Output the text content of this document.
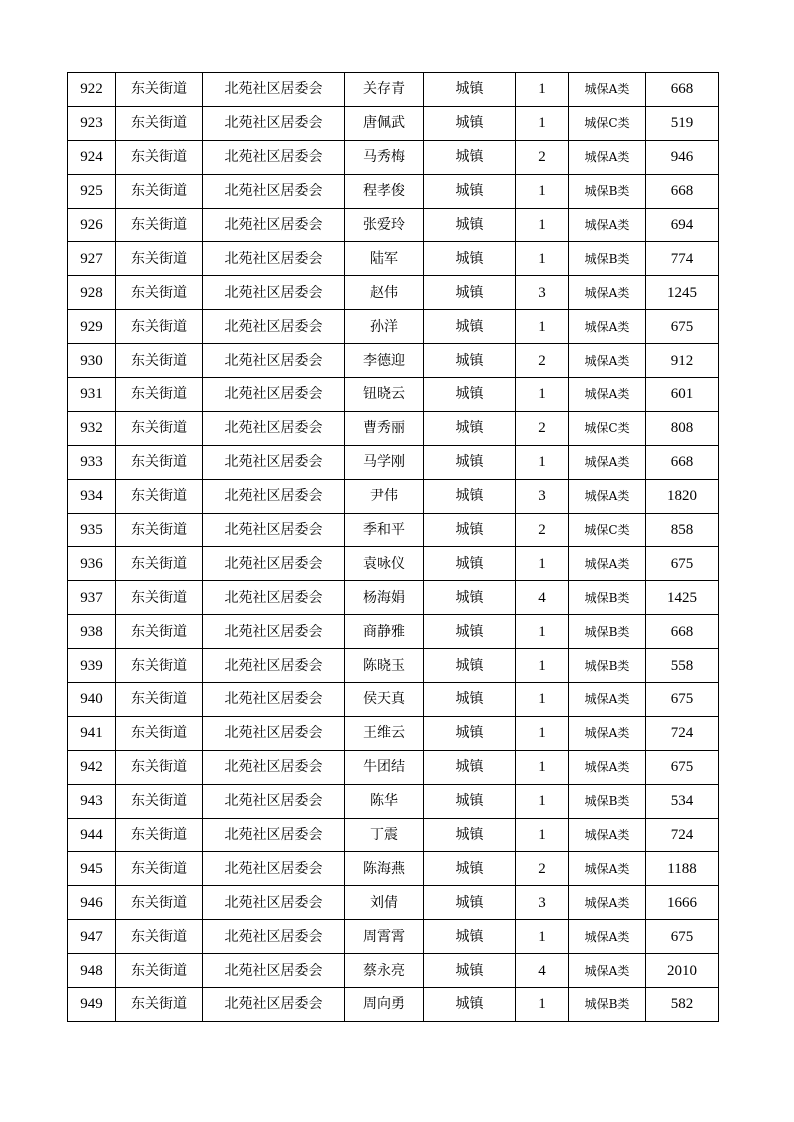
922	东关街道	北苑社区居委会	关存青	城镇	1	城保A类	668
923	东关街道	北苑社区居委会	唐佩武	城镇	1	城保C类	519
924	东关街道	北苑社区居委会	马秀梅	城镇	2	城保A类	946
925	东关街道	北苑社区居委会	程孝俊	城镇	1	城保B类	668
926	东关街道	北苑社区居委会	张爱玲	城镇	1	城保A类	694
927	东关街道	北苑社区居委会	陆军	城镇	1	城保B类	774
928	东关街道	北苑社区居委会	赵伟	城镇	3	城保A类	1245
929	东关街道	北苑社区居委会	孙洋	城镇	1	城保A类	675
930	东关街道	北苑社区居委会	李德迎	城镇	2	城保A类	912
931	东关街道	北苑社区居委会	钮晓云	城镇	1	城保A类	601
932	东关街道	北苑社区居委会	曹秀丽	城镇	2	城保C类	808
933	东关街道	北苑社区居委会	马学刚	城镇	1	城保A类	668
934	东关街道	北苑社区居委会	尹伟	城镇	3	城保A类	1820
935	东关街道	北苑社区居委会	季和平	城镇	2	城保C类	858
936	东关街道	北苑社区居委会	袁咏仪	城镇	1	城保A类	675
937	东关街道	北苑社区居委会	杨海娟	城镇	4	城保B类	1425
938	东关街道	北苑社区居委会	商静雅	城镇	1	城保B类	668
939	东关街道	北苑社区居委会	陈晓玉	城镇	1	城保B类	558
940	东关街道	北苑社区居委会	侯天真	城镇	1	城保A类	675
941	东关街道	北苑社区居委会	王维云	城镇	1	城保A类	724
942	东关街道	北苑社区居委会	牛团结	城镇	1	城保A类	675
943	东关街道	北苑社区居委会	陈华	城镇	1	城保B类	534
944	东关街道	北苑社区居委会	丁震	城镇	1	城保A类	724
945	东关街道	北苑社区居委会	陈海燕	城镇	2	城保A类	1188
946	东关街道	北苑社区居委会	刘倩	城镇	3	城保A类	1666
947	东关街道	北苑社区居委会	周霄霄	城镇	1	城保A类	675
948	东关街道	北苑社区居委会	蔡永亮	城镇	4	城保A类	2010
949	东关街道	北苑社区居委会	周向勇	城镇	1	城保B类	582
